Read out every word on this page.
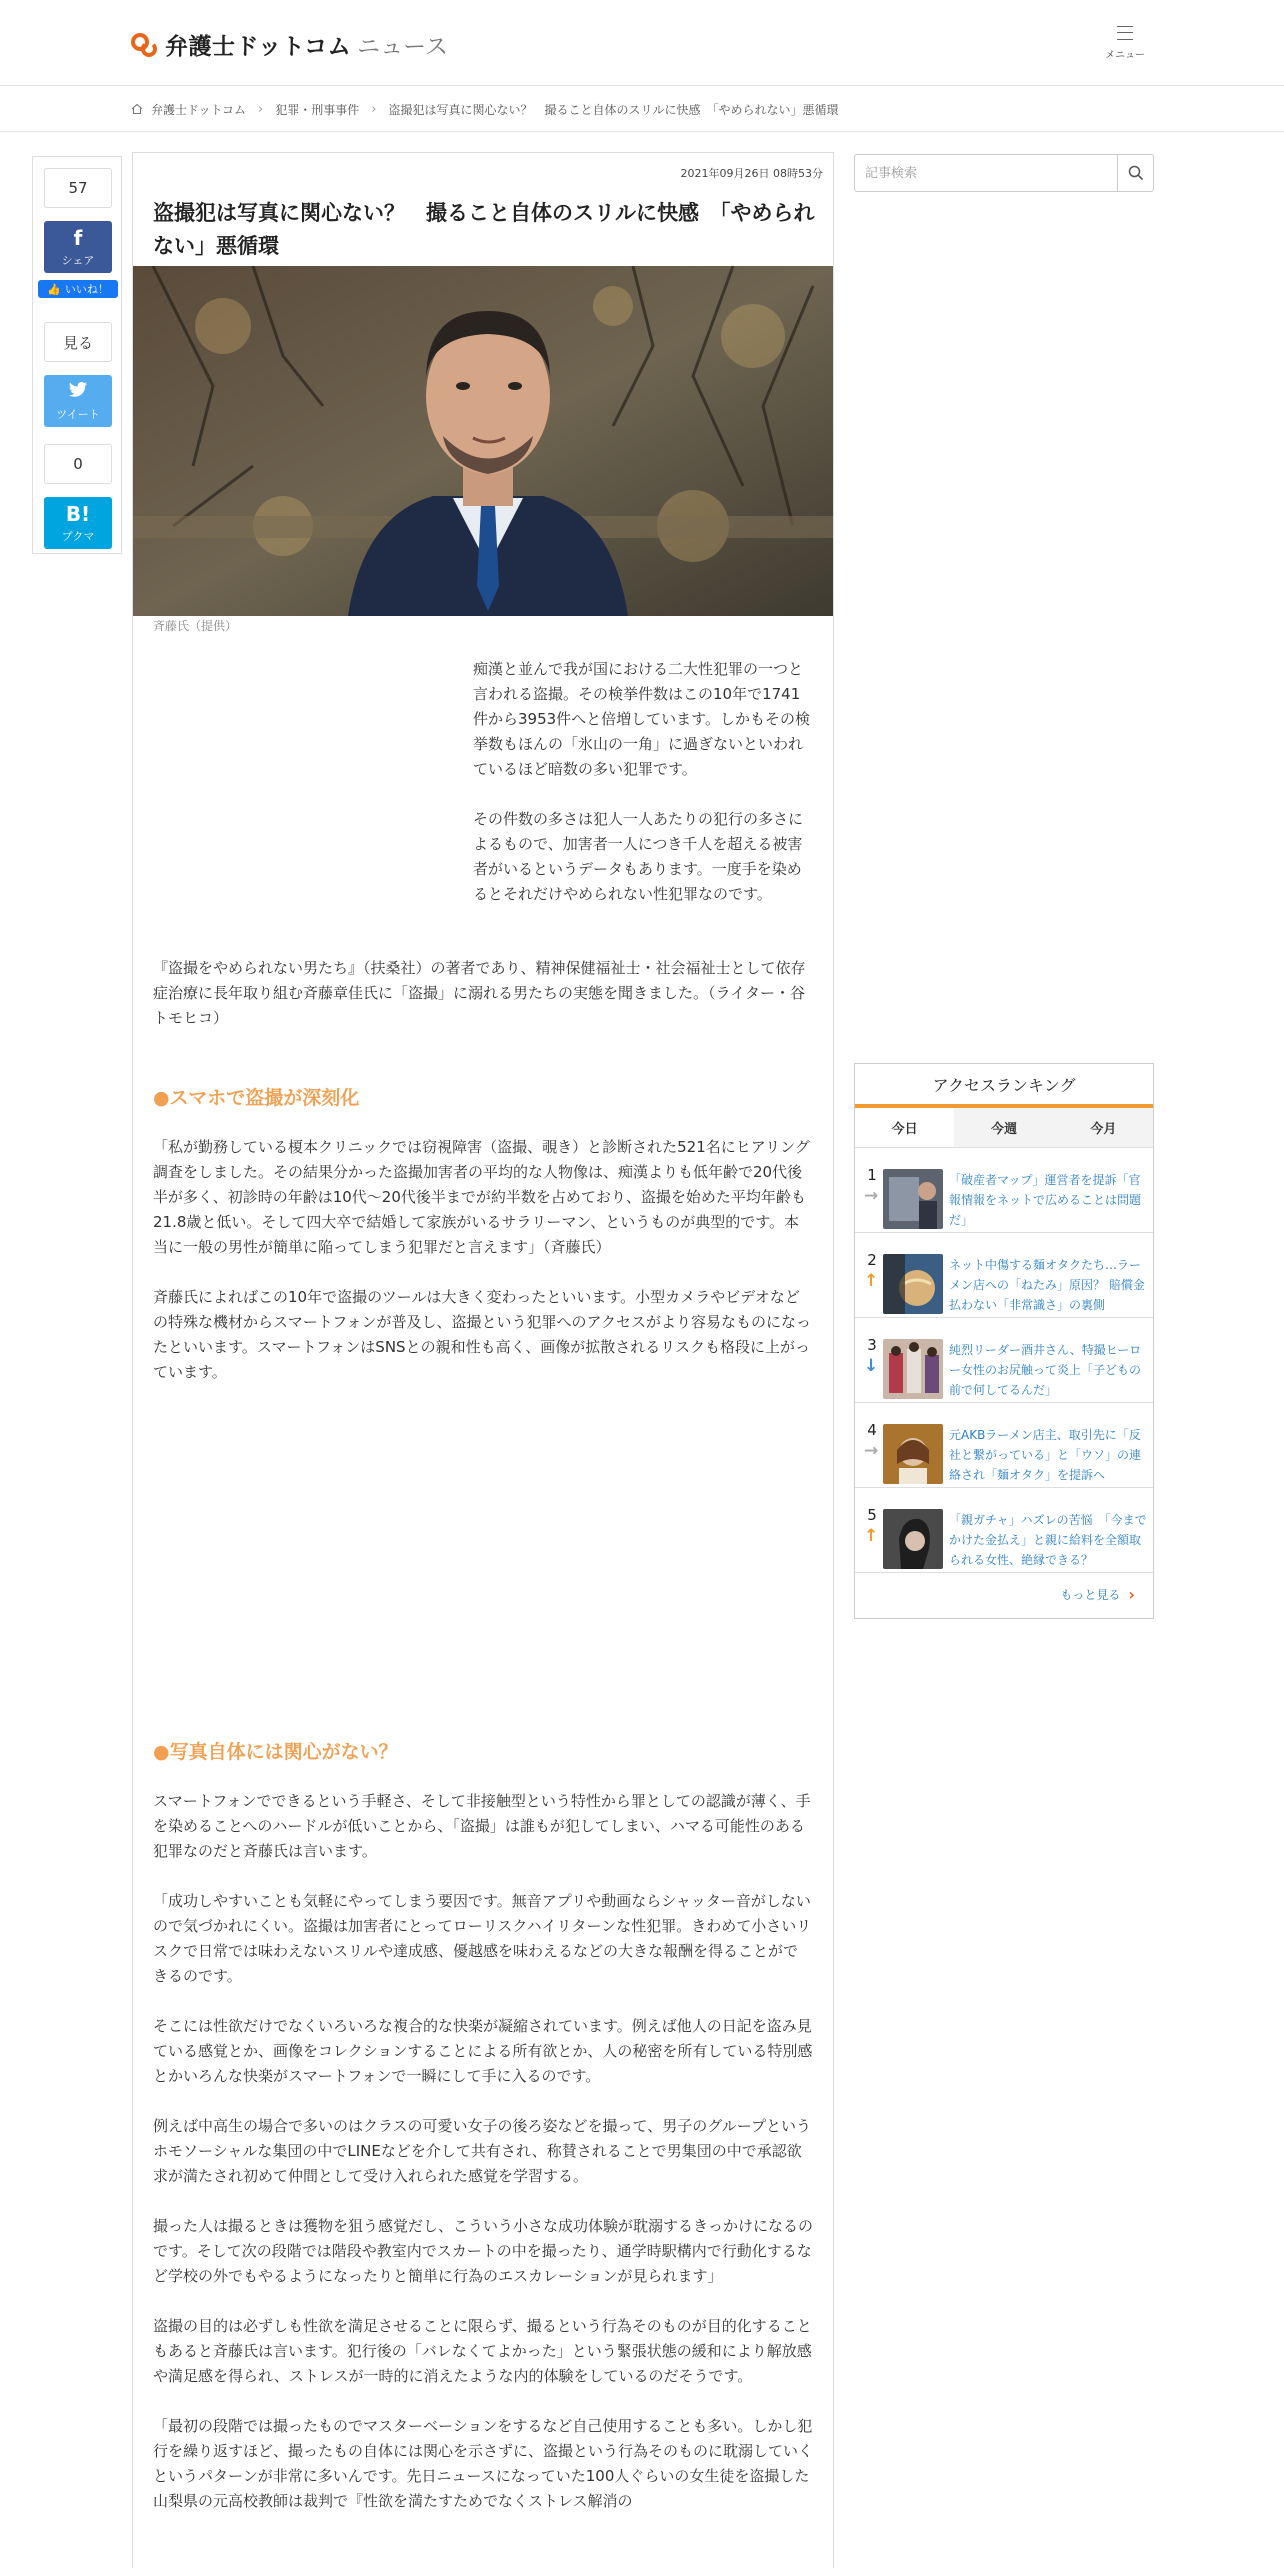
弁護士ドットコム ニュース	メニュー
弁護士ドットコム › 犯罪・刑事事件 › 盗撮犯は写真に関心ない？　撮ること自体のスリルに快感　「やめられない」悪循環
57
f
シェア
👍 いいね！
見る
ツイート
0
B!
ブクマ
2021年09月26日 08時53分
盗撮犯は写真に関心ない？　撮ること自体のスリルに快感　「やめられない」悪循環
斉藤氏（提供）

痴漢と並んで我が国における二大性犯罪の一つと言われる盗撮。その検挙件数はこの10年で1741件から3953件へと倍増しています。しかもその検挙数もほんの「氷山の一角」に過ぎないといわれているほど暗数の多い犯罪です。

その件数の多さは犯人一人あたりの犯行の多さによるもので、加害者一人につき千人を超える被害者がいるというデータもあります。一度手を染めるとそれだけやめられない性犯罪なのです。

『盗撮をやめられない男たち』（扶桑社）の著者であり、精神保健福祉士・社会福祉士として依存症治療に長年取り組む斉藤章佳氏に「盗撮」に溺れる男たちの実態を聞きました。（ライター・谷トモヒコ）

●スマホで盗撮が深刻化

「私が勤務している榎本クリニックでは窃視障害（盗撮、覗き）と診断された521名にヒアリング調査をしました。その結果分かった盗撮加害者の平均的な人物像は、痴漢よりも低年齢で20代後半が多く、初診時の年齢は10代～20代後半までが約半数を占めており、盗撮を始めた平均年齢も21.8歳と低い。そして四大卒で結婚して家族がいるサラリーマン、というものが典型的です。本当に一般の男性が簡単に陥ってしまう犯罪だと言えます」（斉藤氏）

斉藤氏によればこの10年で盗撮のツールは大きく変わったといいます。小型カメラやビデオなどの特殊な機材からスマートフォンが普及し、盗撮という犯罪へのアクセスがより容易なものになったといいます。スマートフォンはSNSとの親和性も高く、画像が拡散されるリスクも格段に上がっています。

●写真自体には関心がない？

スマートフォンでできるという手軽さ、そして非接触型という特性から罪としての認識が薄く、手を染めることへのハードルが低いことから、「盗撮」は誰もが犯してしまい、ハマる可能性のある犯罪なのだと斉藤氏は言います。

「成功しやすいことも気軽にやってしまう要因です。無音アプリや動画ならシャッター音がしないので気づかれにくい。盗撮は加害者にとってローリスクハイリターンな性犯罪。きわめて小さいリスクで日常では味わえないスリルや達成感、優越感を味わえるなどの大きな報酬を得ることができるのです。

そこには性欲だけでなくいろいろな複合的な快楽が凝縮されています。例えば他人の日記を盗み見ている感覚とか、画像をコレクションすることによる所有欲とか、人の秘密を所有している特別感とかいろんな快楽がスマートフォンで一瞬にして手に入るのです。

例えば中高生の場合で多いのはクラスの可愛い女子の後ろ姿などを撮って、男子のグループというホモソーシャルな集団の中でLINEなどを介して共有され、称賛されることで男集団の中で承認欲求が満たされ初めて仲間として受け入れられた感覚を学習する。

撮った人は撮るときは獲物を狙う感覚だし、こういう小さな成功体験が耽溺するきっかけになるのです。そして次の段階では階段や教室内でスカートの中を撮ったり、通学時駅構内で行動化するなど学校の外でもやるようになったりと簡単に行為のエスカレーションが見られます」

盗撮の目的は必ずしも性欲を満足させることに限らず、撮るという行為そのものが目的化することもあると斉藤氏は言います。犯行後の「バレなくてよかった」という緊張状態の緩和により解放感や満足感を得られ、ストレスが一時的に消えたような内的体験をしているのだそうです。

「最初の段階では撮ったものでマスターベーションをするなど自己使用することも多い。しかし犯行を繰り返すほど、撮ったもの自体には関心を示さずに、盗撮という行為そのものに耽溺していくというパターンが非常に多いんです。先日ニュースになっていた100人ぐらいの女生徒を盗撮した山梨県の元高校教師は裁判で『性欲を満たすためでなくストレス解消の

記事検索
アクセスランキング
今日	今週	今月
1
→
「破産者マップ」運営者を提訴「官報情報をネットで広めることは問題だ」
2
↑
ネット中傷する麺オタクたち…ラーメン店への「ねたみ」原因？ 賠償金払わない「非常識さ」の裏側
3
↓
純烈リーダー酒井さん、特撮ヒーロー女性のお尻触って炎上「子どもの前で何してるんだ」
4
→
元AKBラーメン店主、取引先に「反社と繋がっている」と「ウソ」の連絡され「麺オタク」を提訴へ
5
↑
「親ガチャ」ハズレの苦悩　「今までかけた金払え」と親に給料を全額取られる女性、絶縁できる？
もっと見る ›
